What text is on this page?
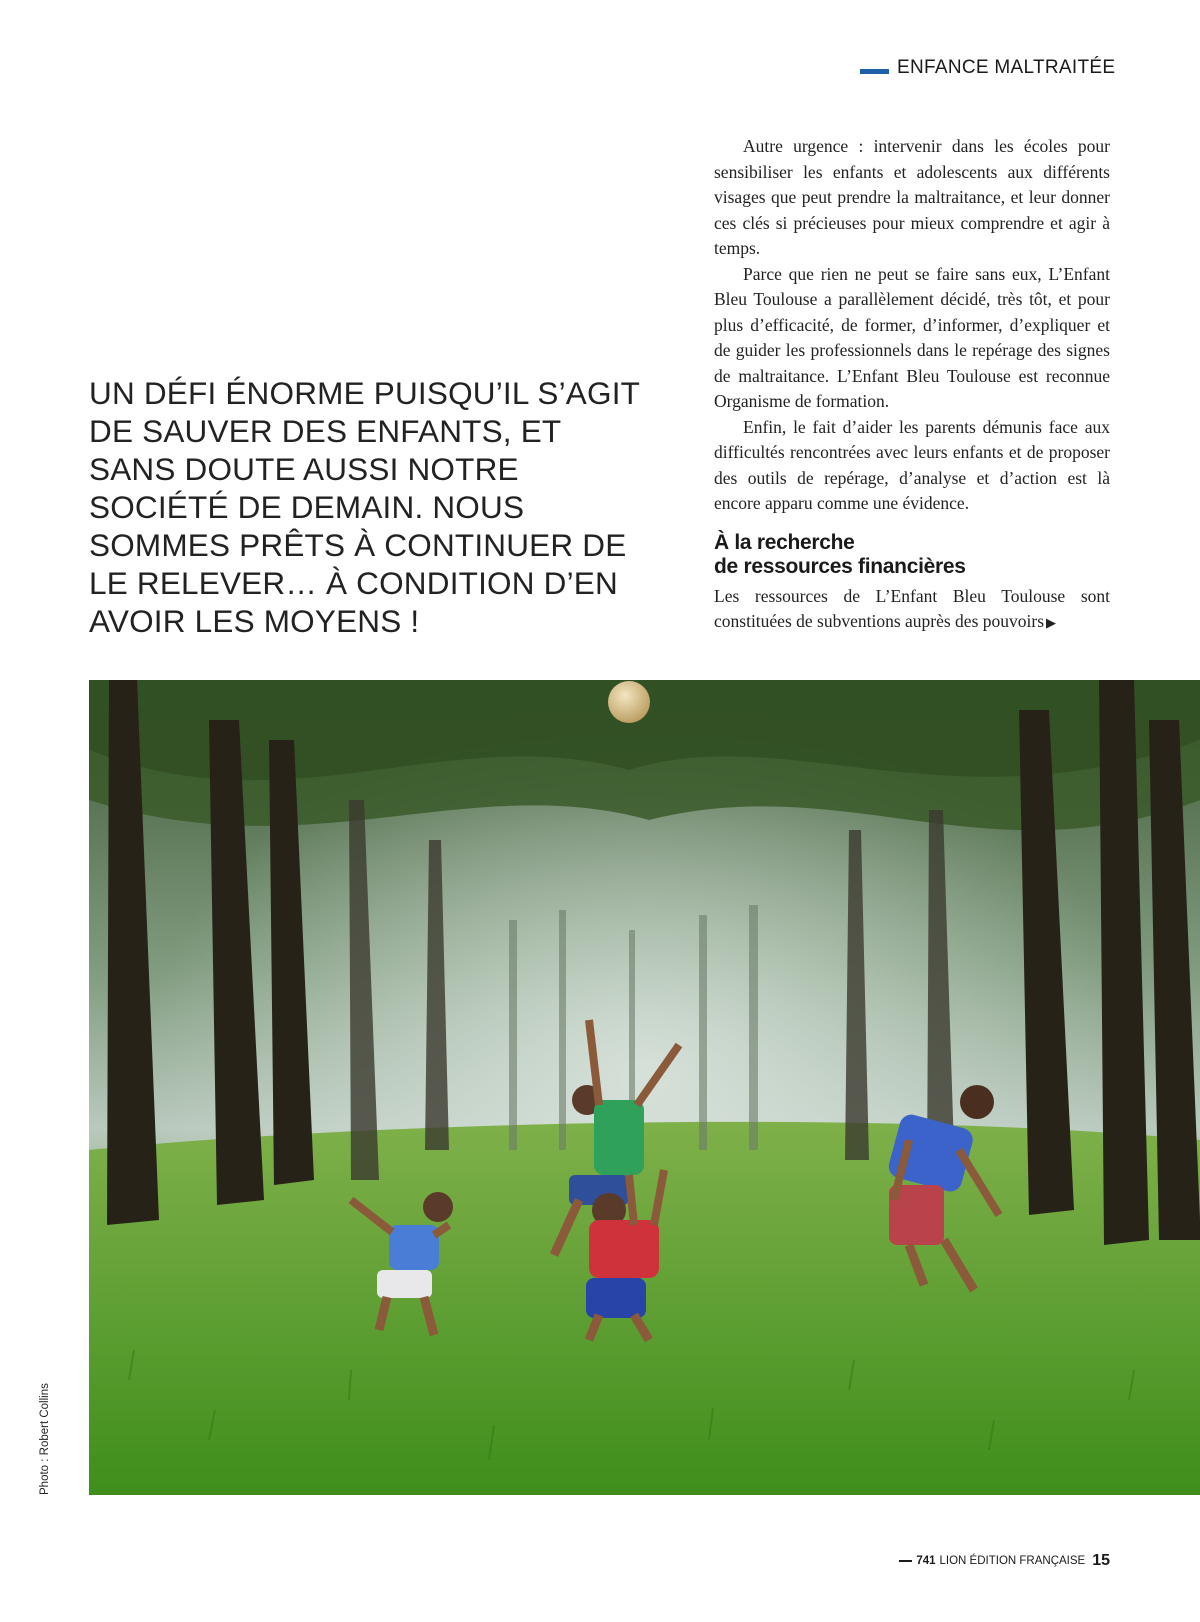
ENFANCE MALTRAITÉE
UN DÉFI ÉNORME PUISQU’IL S’AGIT DE SAUVER DES ENFANTS, ET SANS DOUTE AUSSI NOTRE SOCIÉTÉ DE DEMAIN. NOUS SOMMES PRÊTS À CONTINUER DE LE RELEVER… À CONDITION D’EN AVOIR LES MOYENS !

Autre urgence : intervenir dans les écoles pour sensibiliser les enfants et adolescents aux différents visages que peut prendre la maltraitance, et leur donner ces clés si précieuses pour mieux comprendre et agir à temps.

Parce que rien ne peut se faire sans eux, L’Enfant Bleu Toulouse a parallèlement décidé, très tôt, et pour plus d’efficacité, de former, d’informer, d’expliquer et de guider les professionnels dans le repérage des signes de maltraitance. L’Enfant Bleu Toulouse est reconnue Organisme de formation.

Enfin, le fait d’aider les parents démunis face aux difficultés rencontrées avec leurs enfants et de proposer des outils de repérage, d’analyse et d’action est là encore apparu comme une évidence.

À la recherche
de ressources financières

Les ressources de L’Enfant Bleu Toulouse sont constituées de subventions auprès des pouvoirs ▶

Photo : Robert Collins
741 LION ÉDITION FRANÇAISE 15
